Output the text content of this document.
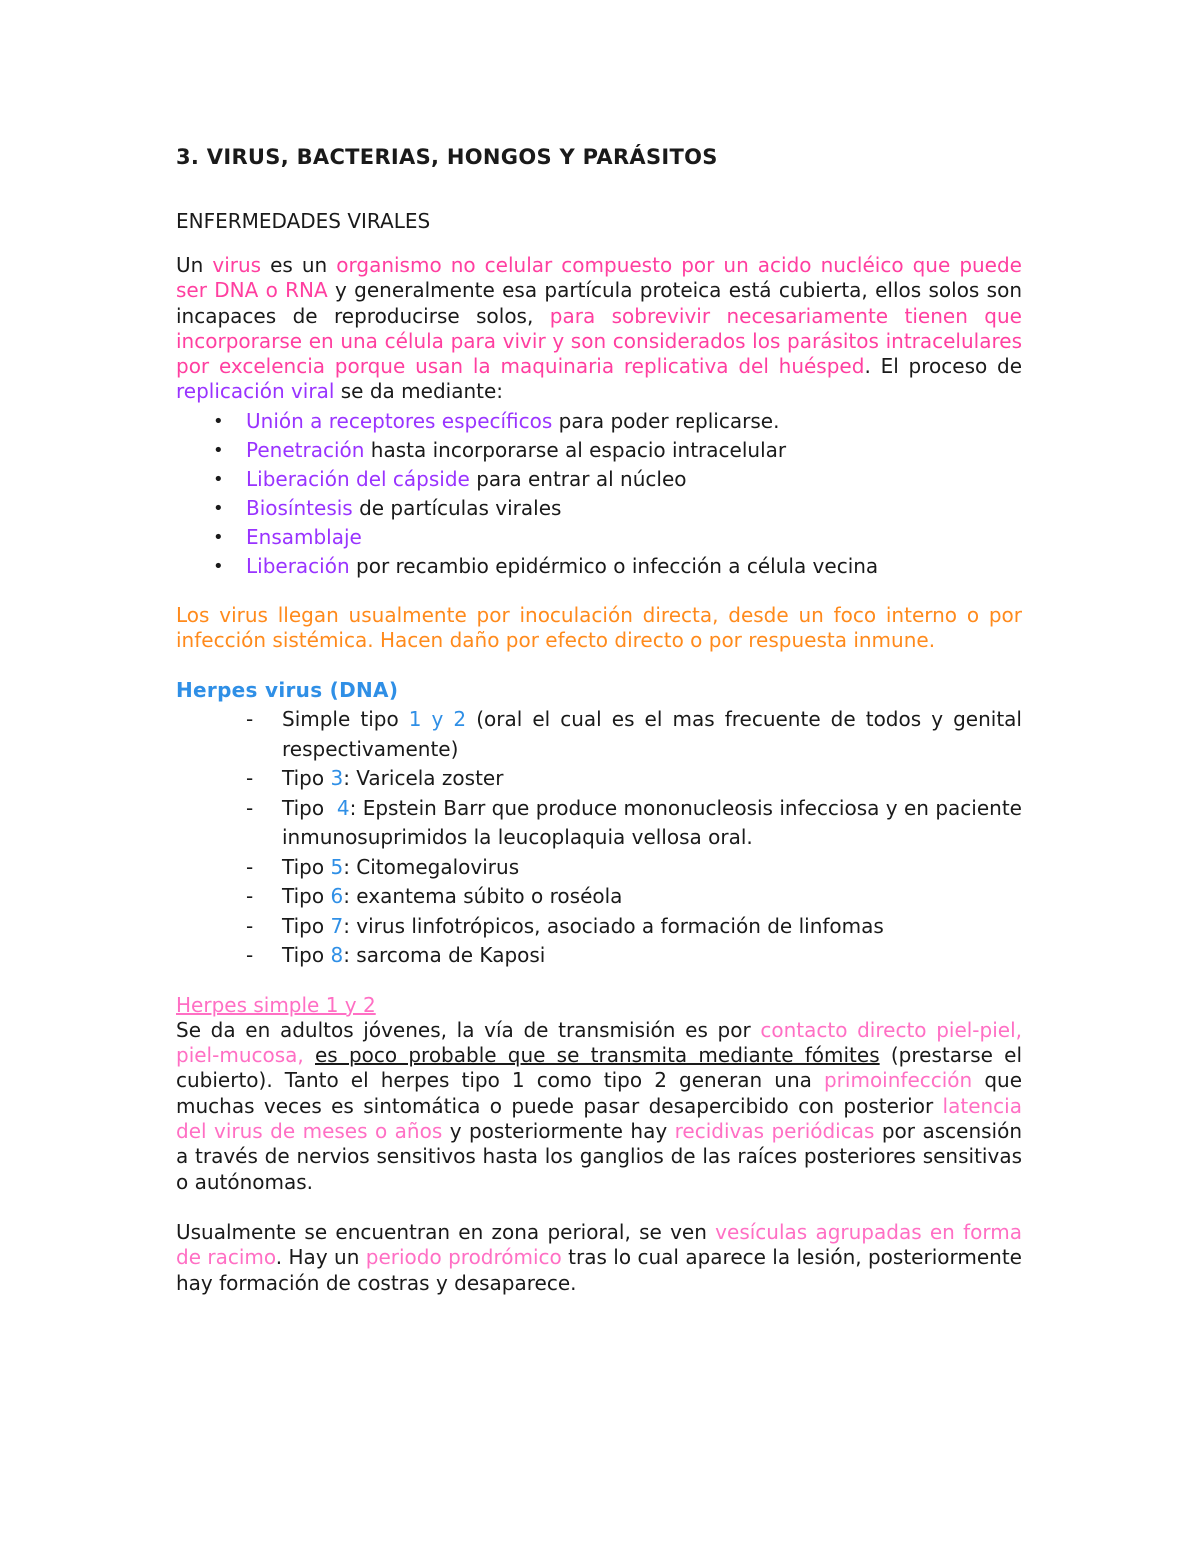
3. VIRUS, BACTERIAS, HONGOS Y PARÁSITOS
ENFERMEDADES VIRALES

Un virus es un organismo no celular compuesto por un acido nucléico que puede ser DNA o RNA y generalmente esa partícula proteica está cubierta, ellos solos son incapaces de reproducirse solos, para sobrevivir necesariamente tienen que incorporarse en una célula para vivir y son considerados los parásitos intracelulares por excelencia porque usan la maquinaria replicativa del huésped. El proceso de replicación viral se da mediante:

• Unión a receptores específicos para poder replicarse.
• Penetración hasta incorporarse al espacio intracelular
• Liberación del cápside para entrar al núcleo
• Biosíntesis de partículas virales
• Ensamblaje
• Liberación por recambio epidérmico o infección a célula vecina

Los virus llegan usualmente por inoculación directa, desde un foco interno o por infección sistémica. Hacen daño por efecto directo o por respuesta inmune.

Herpes virus (DNA)
- Simple tipo 1 y 2 (oral el cual es el mas frecuente de todos y genital respectivamente)
- Tipo 3: Varicela zoster
- Tipo  4: Epstein Barr que produce mononucleosis infecciosa y en paciente inmunosuprimidos la leucoplaquia vellosa oral.
- Tipo 5: Citomegalovirus
- Tipo 6: exantema súbito o roséola
- Tipo 7: virus linfotrópicos, asociado a formación de linfomas
- Tipo 8: sarcoma de Kaposi

Herpes simple 1 y 2

Se da en adultos jóvenes, la vía de transmisión es por contacto directo piel-piel, piel-mucosa, es poco probable que se transmita mediante fómites (prestarse el cubierto). Tanto el herpes tipo 1 como tipo 2 generan una primoinfección que muchas veces es sintomática o puede pasar desapercibido con posterior latencia del virus de meses o años y posteriormente hay recidivas periódicas por ascensión a través de nervios sensitivos hasta los ganglios de las raíces posteriores sensitivas o autónomas.

Usualmente se encuentran en zona perioral, se ven vesículas agrupadas en forma de racimo. Hay un periodo prodrómico tras lo cual aparece la lesión, posteriormente hay formación de costras y desaparece.
